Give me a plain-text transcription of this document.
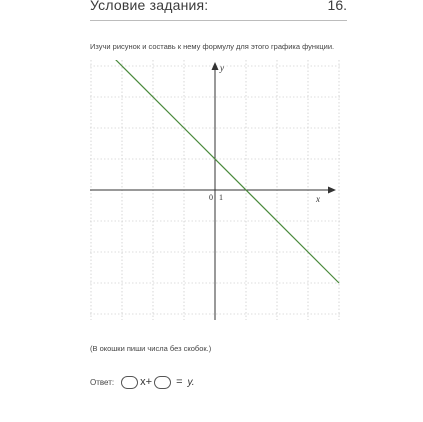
Условие задания:	16.
Изучи рисунок и составь к нему формулу для этого графика функции.
y
x
0 1
(В окошки пиши числа без скобок.)
Ответ: x+ = y.
